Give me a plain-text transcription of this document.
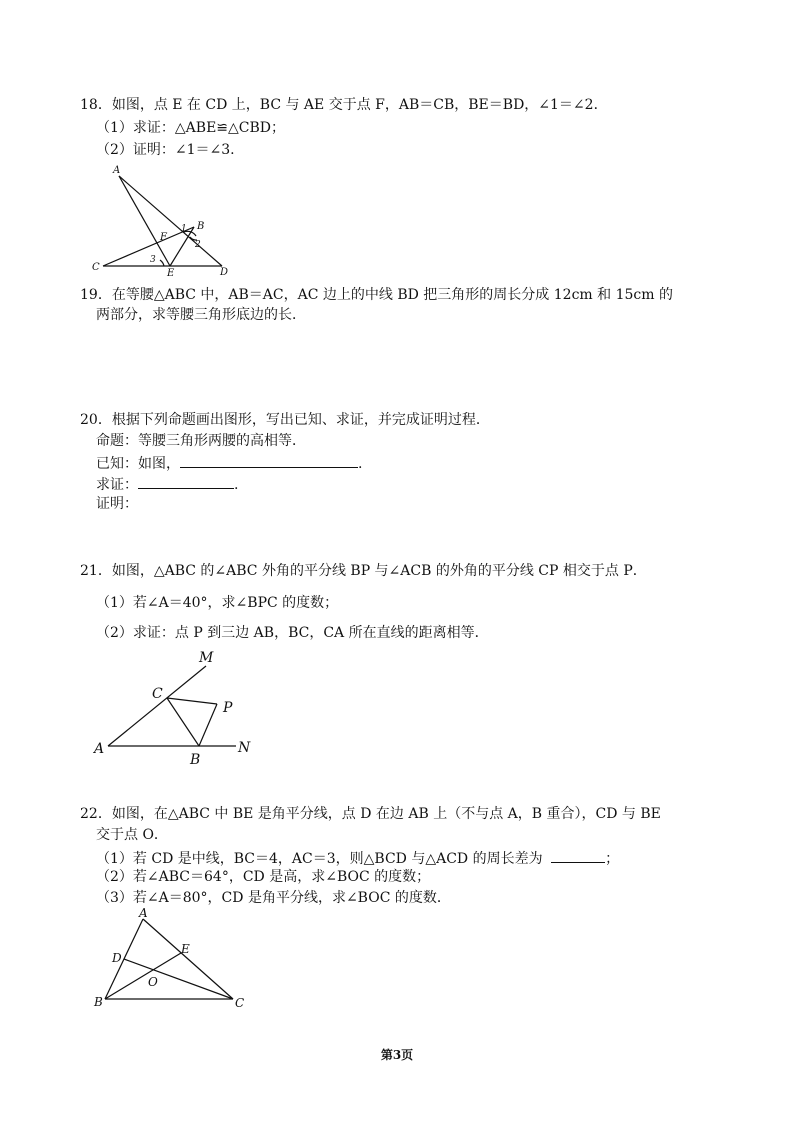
18．如图，点 E 在 CD 上，BC 与 AE 交于点 F，AB＝CB，BE＝BD，∠1＝∠2．
（1）求证：△ABE≌△CBD；
（2）证明：∠1＝∠3.
A
B
C	D
E
F
1
2
3
19．在等腰△ABC 中，AB＝AC，AC 边上的中线 BD 把三角形的周长分成 12cm 和 15cm 的
两部分，求等腰三角形底边的长．
20．根据下列命题画出图形，写出已知、求证，并完成证明过程．
命题：等腰三角形两腰的高相等．
已知：如图，	.
求证：	.
证明：
21．如图，△ABC 的∠ABC 外角的平分线 BP 与∠ACB 的外角的平分线 CP 相交于点 P．
（1）若∠A＝40°，求∠BPC 的度数；
（2）求证：点 P 到三边 AB，BC，CA 所在直线的距离相等．
M
C
P
A
B
N
22．如图，在△ABC 中 BE 是角平分线，点 D 在边 AB 上（不与点 A，B 重合），CD 与 BE
交于点 O．
（1）若 CD 是中线，BC＝4，AC＝3，则△BCD 与△ACD 的周长差为	；
（2）若∠ABC＝64°，CD 是高，求∠BOC 的度数；
（3）若∠A＝80°，CD 是角平分线，求∠BOC 的度数．
A
D
E
O
B	C
第3页
